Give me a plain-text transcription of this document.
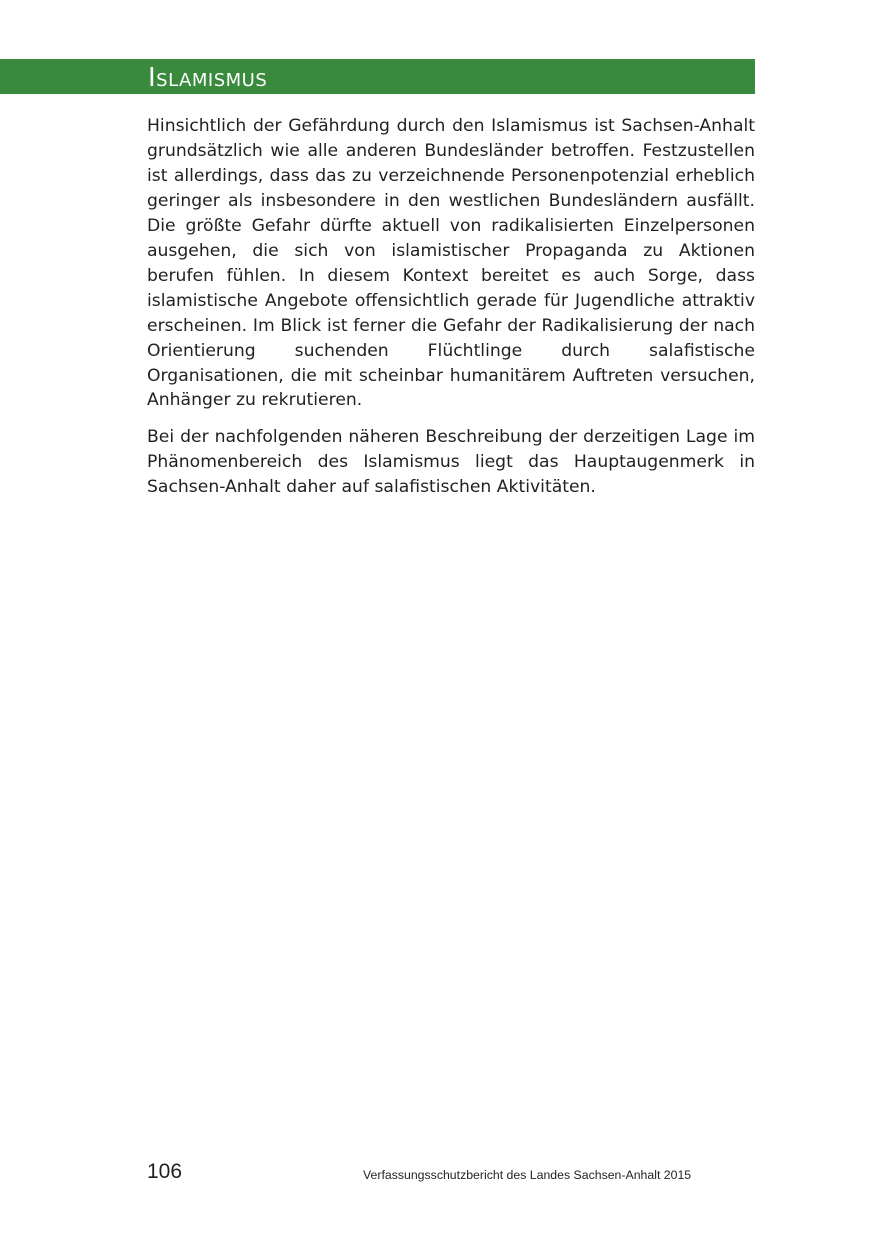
Islamismus

Hinsichtlich der Gefährdung durch den Islamismus ist Sachsen-Anhalt grundsätzlich wie alle anderen Bundesländer betroffen. Festzustellen ist allerdings, dass das zu verzeichnende Personenpotenzial erheblich geringer als insbesondere in den westlichen Bundesländern ausfällt. Die größte Gefahr dürfte aktuell von radikalisierten Einzelpersonen ausgehen, die sich von islamistischer Propaganda zu Aktionen berufen fühlen. In diesem Kontext bereitet es auch Sorge, dass islamistische Angebote offensichtlich gerade für Jugendliche attraktiv erscheinen. Im Blick ist ferner die Gefahr der Radikalisierung der nach Orientierung suchenden Flüchtlinge durch salafistische Organisationen, die mit scheinbar humanitärem Auftreten versuchen, Anhänger zu rekrutieren.

Bei der nachfolgenden näheren Beschreibung der derzeitigen Lage im Phänomenbereich des Islamismus liegt das Hauptaugenmerk in Sachsen-Anhalt daher auf salafistischen Aktivitäten.

106	Verfassungsschutzbericht des Landes Sachsen-Anhalt 2015
